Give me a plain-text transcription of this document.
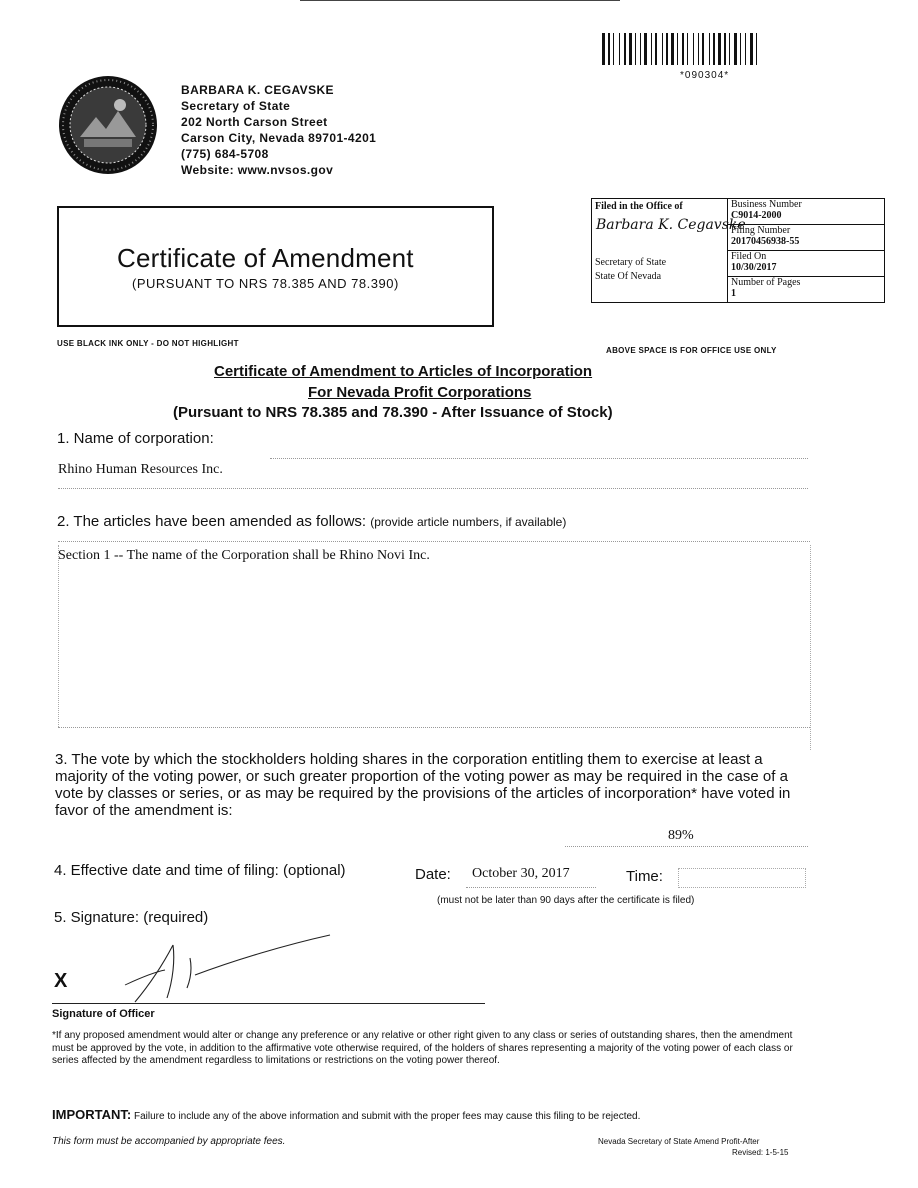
*090304*
BARBARA K. CEGAVSKE
Secretary of State
202 North Carson Street
Carson City, Nevada 89701-4201
(775) 684-5708
Website: www.nvsos.gov
Certificate of Amendment
(PURSUANT TO NRS 78.385 AND 78.390)
Filed in the Office of
Barbara K. Cegavske
Secretary of State
State Of Nevada
Business Number
C9014-2000
Filing Number
20170456938-55
Filed On
10/30/2017
Number of Pages
1
USE BLACK INK ONLY - DO NOT HIGHLIGHT
ABOVE SPACE IS FOR OFFICE USE ONLY
Certificate of Amendment to Articles of Incorporation
For Nevada Profit Corporations
(Pursuant to NRS 78.385 and 78.390 - After Issuance of Stock)
1. Name of corporation:
Rhino Human Resources Inc.
2. The articles have been amended as follows: (provide article numbers, if available)
Section 1 -- The name of the Corporation shall be Rhino Novi Inc.
3. The vote by which the stockholders holding shares in the corporation entitling them to exercise at least a majority of the voting power, or such greater proportion of the voting power as may be required in the case of a vote by classes or series, or as may be required by the provisions of the articles of incorporation* have voted in favor of the amendment is:
89%
4. Effective date and time of filing: (optional)	Date: October 30, 2017	Time:
(must not be later than 90 days after the certificate is filed)
5. Signature: (required)
X
Signature of Officer
*If any proposed amendment would alter or change any preference or any relative or other right given to any class or series of outstanding shares, then the amendment must be approved by the vote, in addition to the affirmative vote otherwise required, of the holders of shares representing a majority of the voting power of each class or series affected by the amendment regardless to limitations or restrictions on the voting power thereof.
IMPORTANT: Failure to include any of the above information and submit with the proper fees may cause this filing to be rejected.
This form must be accompanied by appropriate fees.	Nevada Secretary of State Amend Profit-After
Revised: 1-5-15
